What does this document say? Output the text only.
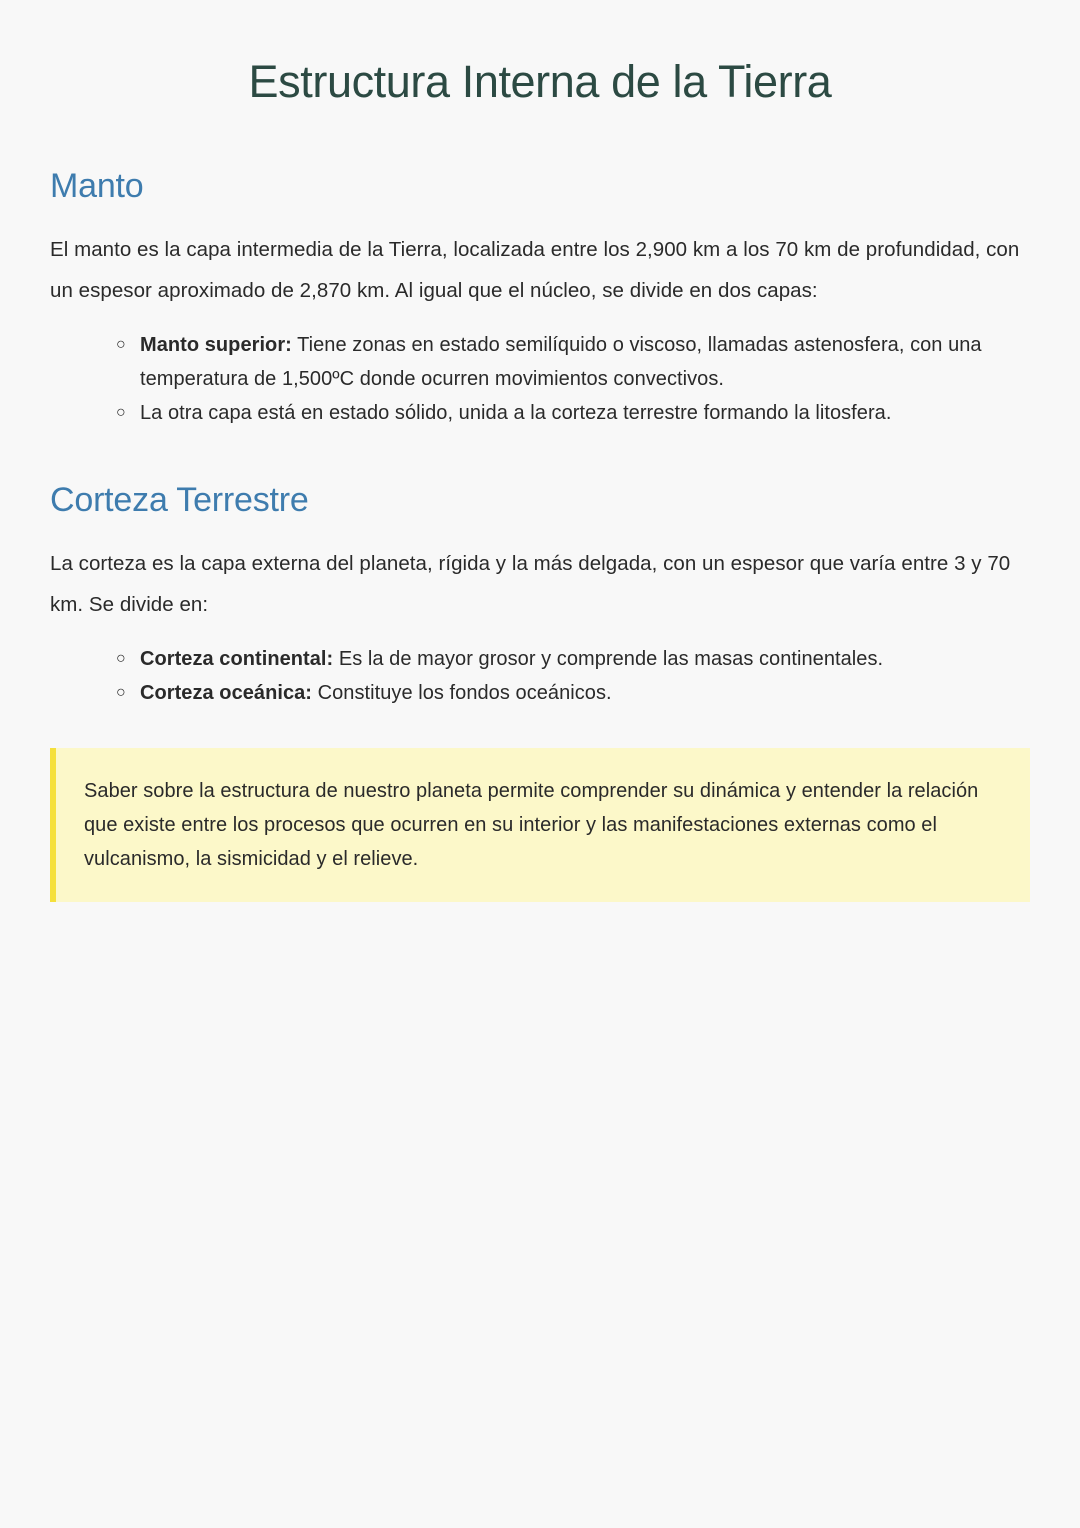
Estructura Interna de la Tierra
Manto

El manto es la capa intermedia de la Tierra, localizada entre los 2,900 km a los 70 km de profundidad, con un espesor aproximado de 2,870 km. Al igual que el núcleo, se divide en dos capas:

○ Manto superior: Tiene zonas en estado semilíquido o viscoso, llamadas astenosfera, con una temperatura de 1,500ºC donde ocurren movimientos convectivos.
○ La otra capa está en estado sólido, unida a la corteza terrestre formando la litosfera.
Corteza Terrestre

La corteza es la capa externa del planeta, rígida y la más delgada, con un espesor que varía entre 3 y 70 km. Se divide en:

○ Corteza continental: Es la de mayor grosor y comprende las masas continentales.
○ Corteza oceánica: Constituye los fondos oceánicos.

Saber sobre la estructura de nuestro planeta permite comprender su dinámica y entender la relación que existe entre los procesos que ocurren en su interior y las manifestaciones externas como el vulcanismo, la sismicidad y el relieve.
